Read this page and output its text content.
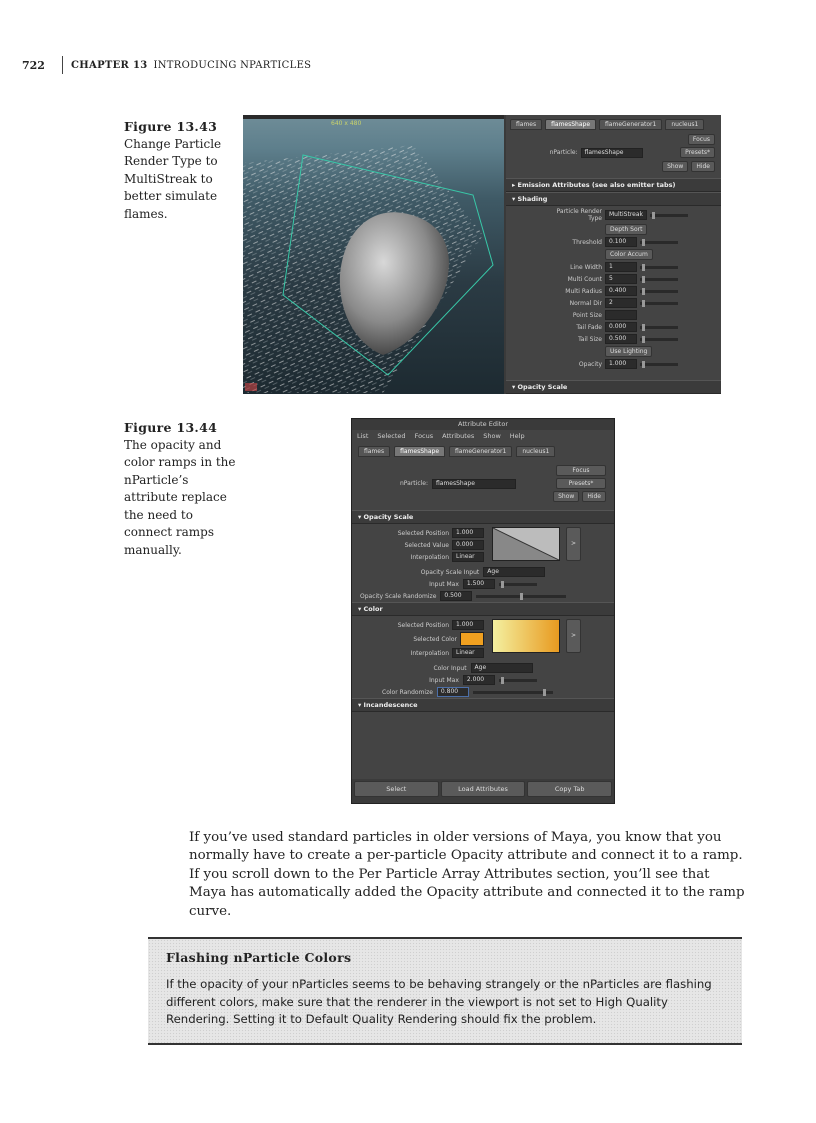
722	CHAPTER 13 INTRODUCING NPARTICLES
Figure 13.43
Change Particle Render Type to MultiStreak to better simulate flames.
640 x 480	flames	flamesShape	flameGenerator1	nucleus1
Focus
nParticle:	flamesShape	Presets*
Show	Hide
▸ Emission Attributes (see also emitter tabs)
▾ Shading
Particle Render Type
MultiStreak
Depth Sort
Threshold	0.100
Color Accum
Line Width	1
Multi Count	5
Multi Radius	0.400
Normal Dir	2
Point Size
Tail Fade	0.000
Tail Size	0.500
Use Lighting
Opacity	1.000
▾ Opacity Scale
Figure 13.44
The opacity and color ramps in the nParticle’s attribute replace the need to connect ramps manually.
Attribute Editor
List Selected Focus Attributes Show Help
flames	flamesShape	flameGenerator1	nucleus1
Focus
nParticle:	flamesShape	Presets*
Show	Hide
▾ Opacity Scale
Selected Position	1.000
Selected Value	0.000
Interpolation	Linear
>
Opacity Scale Input	Age
Input Max	1.500
Opacity Scale Randomize	0.500
▾ Color
Selected Position	1.000
Selected Color
Interpolation	Linear
>
Color Input	Age
Input Max	2.000
Color Randomize	0.800
▾ Incandescence
Select	Load Attributes	Copy Tab
If you’ve used standard particles in older versions of Maya, you know that you normally have to create a per-particle Opacity attribute and connect it to a ramp. If you scroll down to the Per Particle Array Attributes section, you’ll see that Maya has automatically added the Opacity attribute and connected it to the ramp curve.
Flashing nParticle Colors
If the opacity of your nParticles seems to be behaving strangely or the nParticles are flashing different colors, make sure that the renderer in the viewport is not set to High Quality Rendering. Setting it to Default Quality Rendering should fix the problem.
